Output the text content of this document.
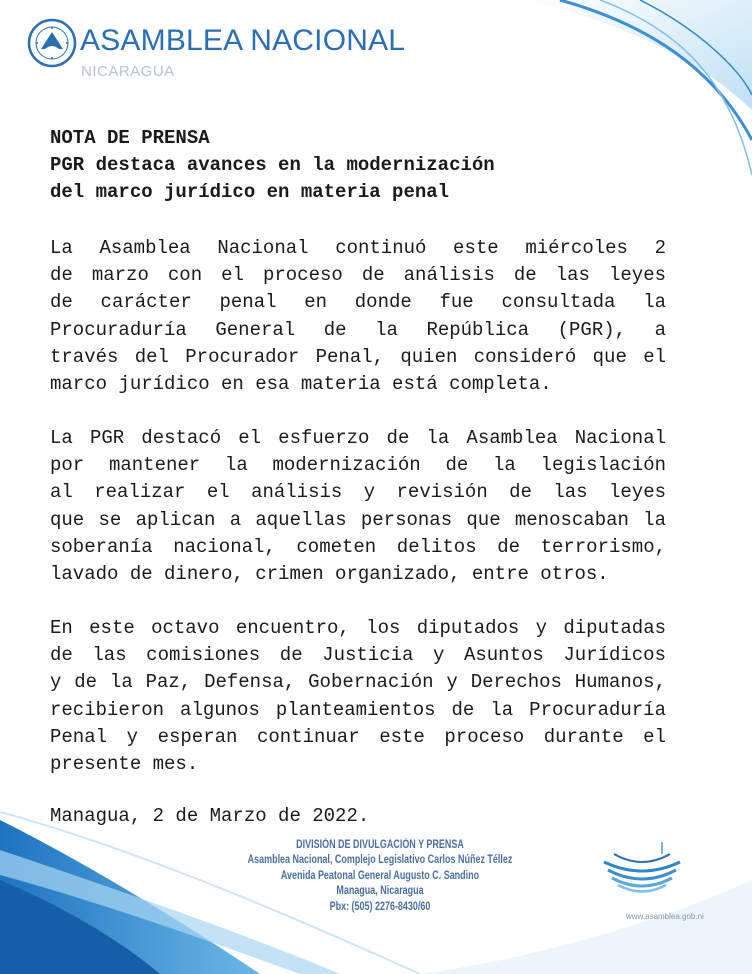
ASAMBLEA NACIONAL
NICARAGUA
NOTA DE PRENSA
PGR destaca avances en la modernización
del marco jurídico en materia penal
La Asamblea Nacional continuó este miércoles 2
de marzo con el proceso de análisis de las leyes
de carácter penal en donde fue consultada la
Procuraduría General de la República (PGR), a
través del Procurador Penal, quien consideró que el
marco jurídico en esa materia está completa.
La PGR destacó el esfuerzo de la Asamblea Nacional
por mantener la modernización de la legislación
al realizar el análisis y revisión de las leyes
que se aplican a aquellas personas que menoscaban la
soberanía nacional, cometen delitos de terrorismo,
lavado de dinero, crimen organizado, entre otros.
En este octavo encuentro, los diputados y diputadas
de las comisiones de Justicia y Asuntos Jurídicos
y de la Paz, Defensa, Gobernación y Derechos Humanos,
recibieron algunos planteamientos de la Procuraduría
Penal y esperan continuar este proceso durante el
presente mes.
Managua, 2 de Marzo de 2022.
DIVISIÓN DE DIVULGACIÓN Y PRENSA
Asamblea Nacional, Complejo Legislativo Carlos Núñez Téllez
Avenida Peatonal General Augusto C. Sandino
Managua, Nicaragua
Pbx: (505) 2276-8430/60
www.asamblea.gob.ni
